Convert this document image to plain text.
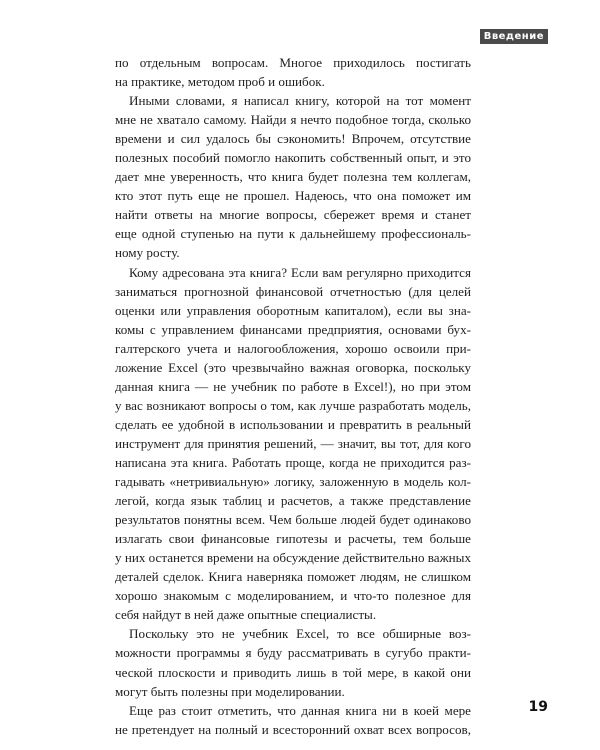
Введение
по отдельным вопросам. Многое приходилось постигать
на практике, методом проб и ошибок.
Иными словами, я написал книгу, которой на тот момент
мне не хватало самому. Найди я нечто подобное тогда, сколько
времени и сил удалось бы сэкономить! Впрочем, отсутствие
полезных пособий помогло накопить собственный опыт, и это
дает мне уверенность, что книга будет полезна тем коллегам,
кто этот путь еще не прошел. Надеюсь, что она поможет им
найти ответы на многие вопросы, сбережет время и станет
еще одной ступенью на пути к дальнейшему профессиональ-
ному росту.
Кому адресована эта книга? Если вам регулярно приходится
заниматься прогнозной финансовой отчетностью (для целей
оценки или управления оборотным капиталом), если вы зна-
комы с управлением финансами предприятия, основами бух-
галтерского учета и налогообложения, хорошо освоили при-
ложение Excel (это чрезвычайно важная оговорка, поскольку
данная книга — не учебник по работе в Excel!), но при этом
у вас возникают вопросы о том, как лучше разработать модель,
сделать ее удобной в использовании и превратить в реальный
инструмент для принятия решений, — значит, вы тот, для кого
написана эта книга. Работать проще, когда не приходится раз-
гадывать «нетривиальную» логику, заложенную в модель кол-
легой, когда язык таблиц и расчетов, а также представление
результатов понятны всем. Чем больше людей будет одинаково
излагать свои финансовые гипотезы и расчеты, тем больше
у них останется времени на обсуждение действительно важных
деталей сделок. Книга наверняка поможет людям, не слишком
хорошо знакомым с моделированием, и что-то полезное для
себя найдут в ней даже опытные специалисты.
Поскольку это не учебник Excel, то все обширные воз-
можности программы я буду рассматривать в сугубо практи-
ческой плоскости и приводить лишь в той мере, в какой они
могут быть полезны при моделировании.
Еще раз стоит отметить, что данная книга ни в коей мере
не претендует на полный и всесторонний охват всех вопросов,
19
